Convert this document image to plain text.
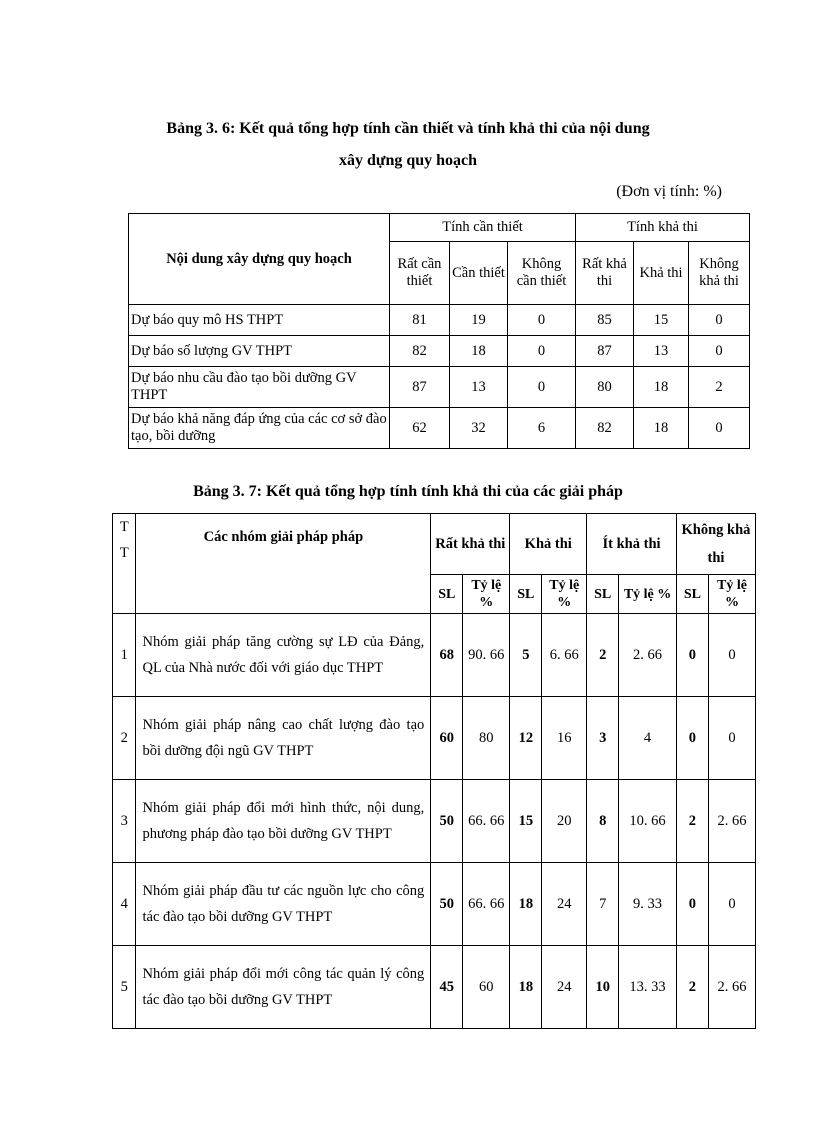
Bảng 3. 6: Kết quả tổng hợp tính cần thiết và tính khả thi của nội dung
xây dựng quy hoạch
(Đơn vị tính: %)
Nội dung xây dựng quy hoạch	Tính cần thiết			Tính khả thi		
	Rất cần thiết	Cần thiết	Không cần thiết	Rất khả thi	Khả thi	Không khả thi
Dự báo quy mô HS THPT	81	19	0	85	15	0
Dự báo số lượng GV THPT	82	18	0	87	13	0
Dự báo nhu cầu đào tạo bồi dưỡng GV THPT	87	13	0	80	18	2
Dự báo khả năng đáp ứng của các cơ sở đào tạo, bồi dưỡng	62	32	6	82	18	0
Bảng 3. 7: Kết quả tổng hợp tính tính khả thi của các giải pháp
T T	Các nhóm giải pháp pháp	Rất khả thi		Khả thi		Ít khả thi		Không khả thi	
		SL	Tỷ lệ %	SL	Tỷ lệ %	SL	Tỷ lệ %	SL	Tỷ lệ %
1	Nhóm giải pháp tăng cường sự LĐ của Đảng, QL của Nhà nước đối với giáo dục THPT	68	90. 66	5	6. 66	2	2. 66	0	0
2	Nhóm giải pháp nâng cao chất lượng đào tạo bồi dưỡng đội ngũ GV THPT	60	80	12	16	3	4	0	0
3	Nhóm giải pháp đổi mới hình thức, nội dung, phương pháp đào tạo bồi dưỡng GV THPT	50	66. 66	15	20	8	10. 66	2	2. 66
4	Nhóm giải pháp đầu tư các nguồn lực cho công tác đào tạo bồi dưỡng GV THPT	50	66. 66	18	24	7	9. 33	0	0
5	Nhóm giải pháp đổi mới công tác quản lý công tác đào tạo bồi dưỡng GV THPT	45	60	18	24	10	13. 33	2	2. 66
